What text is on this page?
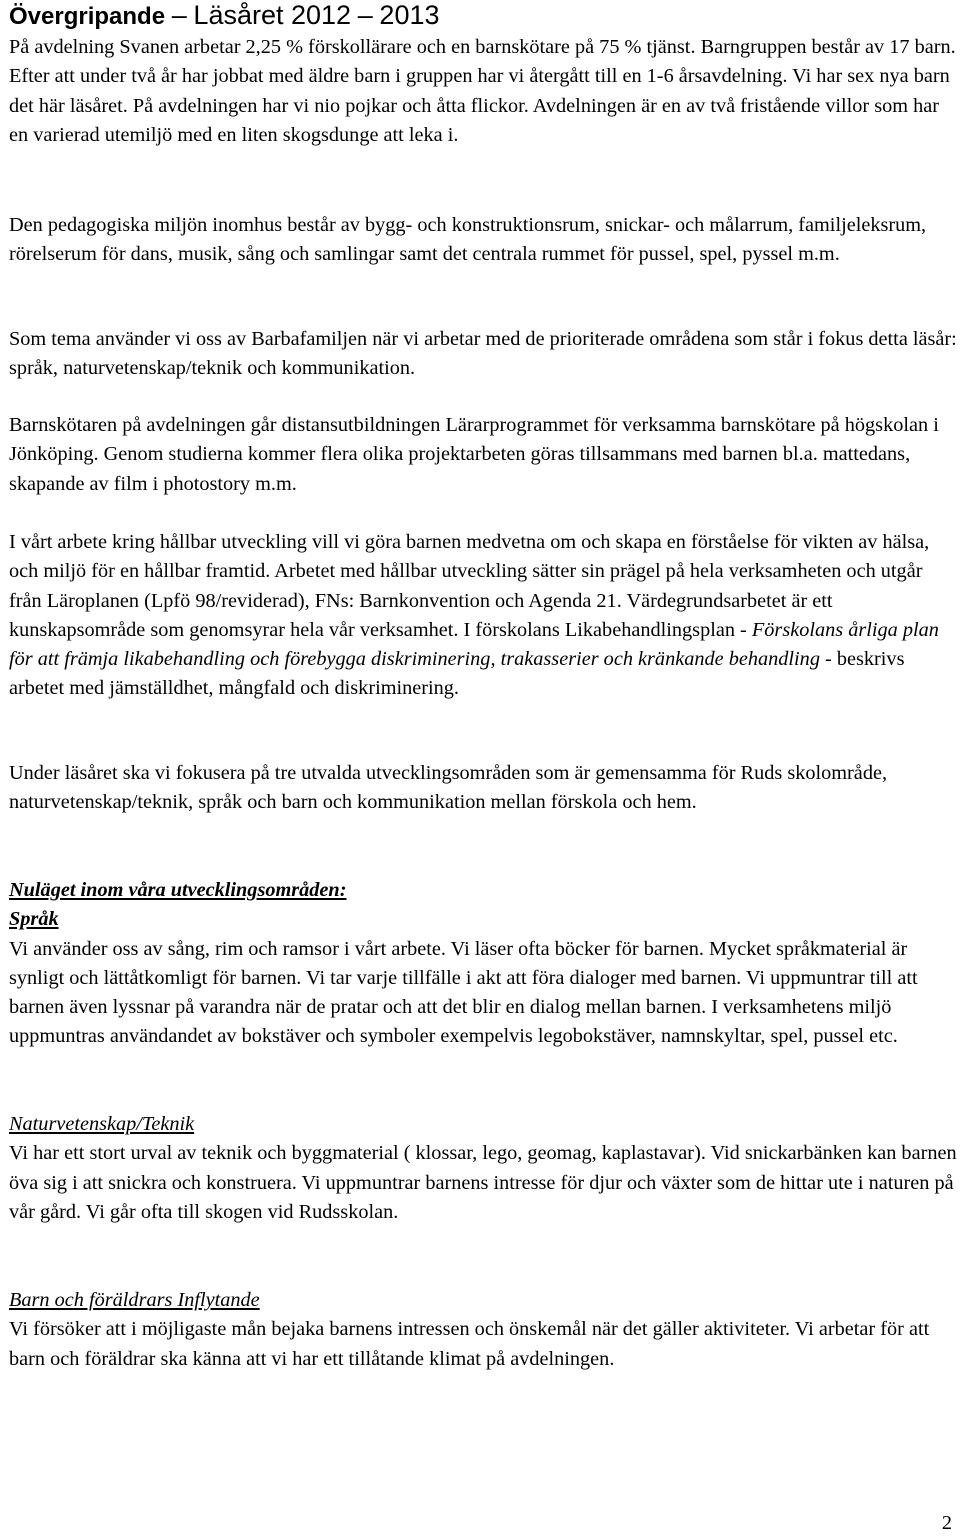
Övergripande – Läsåret 2012 – 2013

På avdelning Svanen arbetar 2,25 % förskollärare och en barnskötare på 75 % tjänst. Barngruppen består av 17 barn. Efter att under två år har jobbat med äldre barn i gruppen har vi återgått till en 1-6 årsavdelning. Vi har sex nya barn det här läsåret. På avdelningen har vi nio pojkar och åtta flickor. Avdelningen är en av två fristående villor som har en varierad utemiljö med en liten skogsdunge att leka i.

Den pedagogiska miljön inomhus består av bygg- och konstruktionsrum, snickar- och målarrum, familjeleksrum, rörelserum för dans, musik, sång och samlingar samt det centrala rummet för pussel, spel, pyssel m.m.

Som tema använder vi oss av Barbafamiljen när vi arbetar med de prioriterade områdena som står i fokus detta läsår: språk, naturvetenskap/teknik och kommunikation.

Barnskötaren på avdelningen går distansutbildningen Lärarprogrammet för verksamma barnskötare på högskolan i Jönköping. Genom studierna kommer flera olika projektarbeten göras tillsammans med barnen bl.a. mattedans, skapande av film i photostory m.m.

I vårt arbete kring hållbar utveckling vill vi göra barnen medvetna om och skapa en förståelse för vikten av hälsa, och miljö för en hållbar framtid. Arbetet med hållbar utveckling sätter sin prägel på hela verksamheten och utgår från Läroplanen (Lpfö 98/reviderad), FNs: Barnkonvention och Agenda 21. Värdegrundsarbetet är ett kunskapsområde som genomsyrar hela vår verksamhet. I förskolans Likabehandlingsplan - Förskolans årliga plan för att främja likabehandling och förebygga diskriminering, trakasserier och kränkande behandling - beskrivs arbetet med jämställdhet, mångfald och diskriminering.

Under läsåret ska vi fokusera på tre utvalda utvecklingsområden som är gemensamma för Ruds skolområde, naturvetenskap/teknik, språk och barn och kommunikation mellan förskola och hem.

Nuläget inom våra utvecklingsområden:
Språk
Vi använder oss av sång, rim och ramsor i vårt arbete. Vi läser ofta böcker för barnen. Mycket språkmaterial är synligt och lättåtkomligt för barnen. Vi tar varje tillfälle i akt att föra dialoger med barnen. Vi uppmuntrar till att barnen även lyssnar på varandra när de pratar och att det blir en dialog mellan barnen. I verksamhetens miljö uppmuntras användandet av bokstäver och symboler exempelvis legobokstäver, namnskyltar, spel, pussel etc.
Naturvetenskap/Teknik
Vi har ett stort urval av teknik och byggmaterial ( klossar, lego, geomag, kaplastavar). Vid snickarbänken kan barnen öva sig i att snickra och konstruera. Vi uppmuntrar barnens intresse för djur och växter som de hittar ute i naturen på vår gård. Vi går ofta till skogen vid Rudsskolan.
Barn och föräldrars Inflytande
Vi försöker att i möjligaste mån bejaka barnens intressen och önskemål när det gäller aktiviteter. Vi arbetar för att barn och föräldrar ska känna att vi har ett tillåtande klimat på avdelningen.
2
